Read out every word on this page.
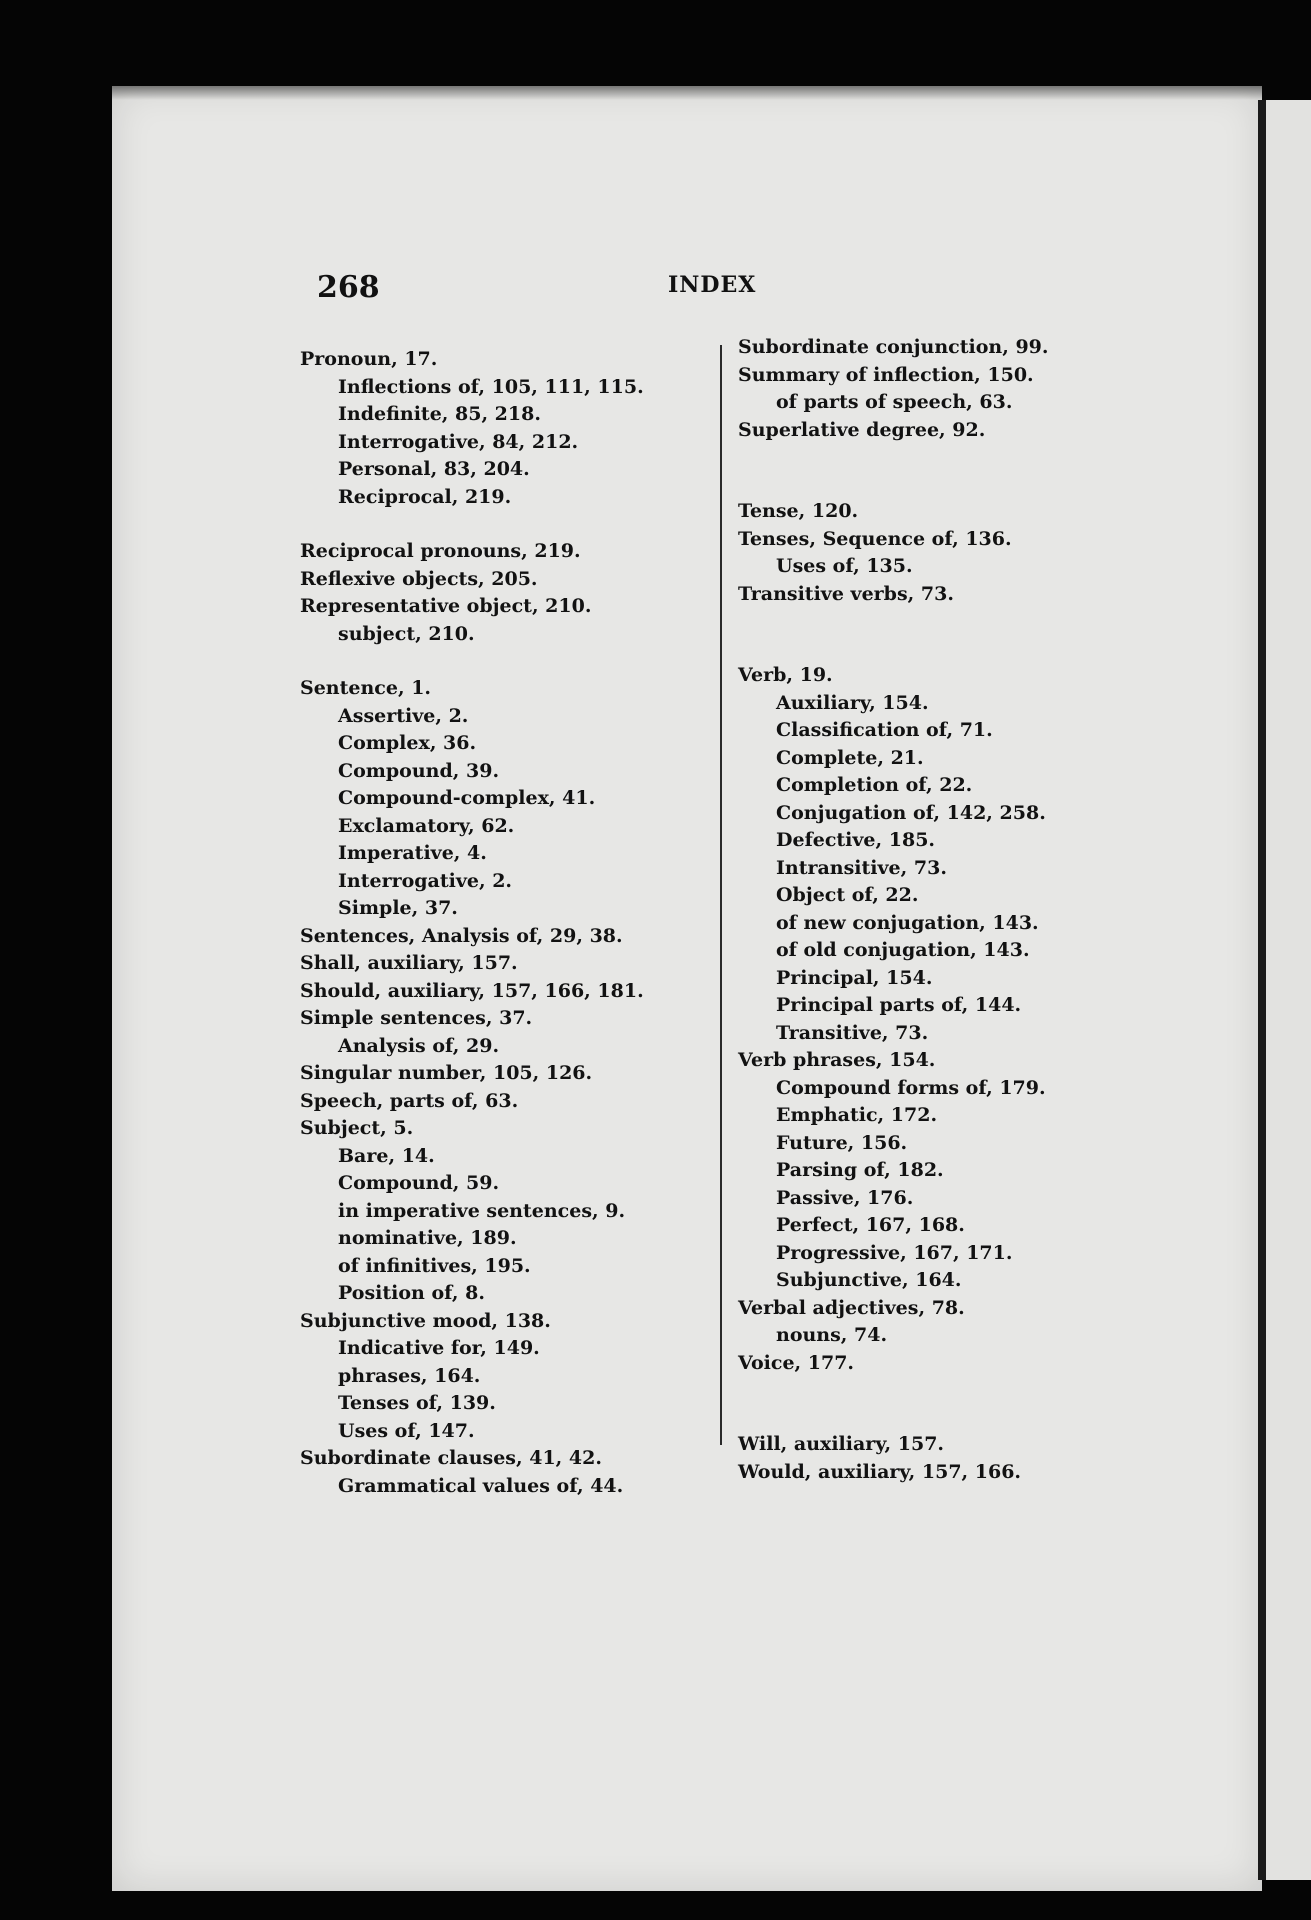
268	INDEX
Pronoun, 17.
Inflections of, 105, 111, 115.
Indefinite, 85, 218.
Interrogative, 84, 212.
Personal, 83, 204.
Reciprocal, 219.
Reciprocal pronouns, 219.
Reflexive objects, 205.
Representative object, 210.
subject, 210.
Sentence, 1.
Assertive, 2.
Complex, 36.
Compound, 39.
Compound-complex, 41.
Exclamatory, 62.
Imperative, 4.
Interrogative, 2.
Simple, 37.
Sentences, Analysis of, 29, 38.
Shall, auxiliary, 157.
Should, auxiliary, 157, 166, 181.
Simple sentences, 37.
Analysis of, 29.
Singular number, 105, 126.
Speech, parts of, 63.
Subject, 5.
Bare, 14.
Compound, 59.
in imperative sentences, 9.
nominative, 189.
of infinitives, 195.
Position of, 8.
Subjunctive mood, 138.
Indicative for, 149.
phrases, 164.
Tenses of, 139.
Uses of, 147.
Subordinate clauses, 41, 42.
Grammatical values of, 44.
Subordinate conjunction, 99.
Summary of inflection, 150.
of parts of speech, 63.
Superlative degree, 92.
Tense, 120.
Tenses, Sequence of, 136.
Uses of, 135.
Transitive verbs, 73.
Verb, 19.
Auxiliary, 154.
Classification of, 71.
Complete, 21.
Completion of, 22.
Conjugation of, 142, 258.
Defective, 185.
Intransitive, 73.
Object of, 22.
of new conjugation, 143.
of old conjugation, 143.
Principal, 154.
Principal parts of, 144.
Transitive, 73.
Verb phrases, 154.
Compound forms of, 179.
Emphatic, 172.
Future, 156.
Parsing of, 182.
Passive, 176.
Perfect, 167, 168.
Progressive, 167, 171.
Subjunctive, 164.
Verbal adjectives, 78.
nouns, 74.
Voice, 177.
Will, auxiliary, 157.
Would, auxiliary, 157, 166.
